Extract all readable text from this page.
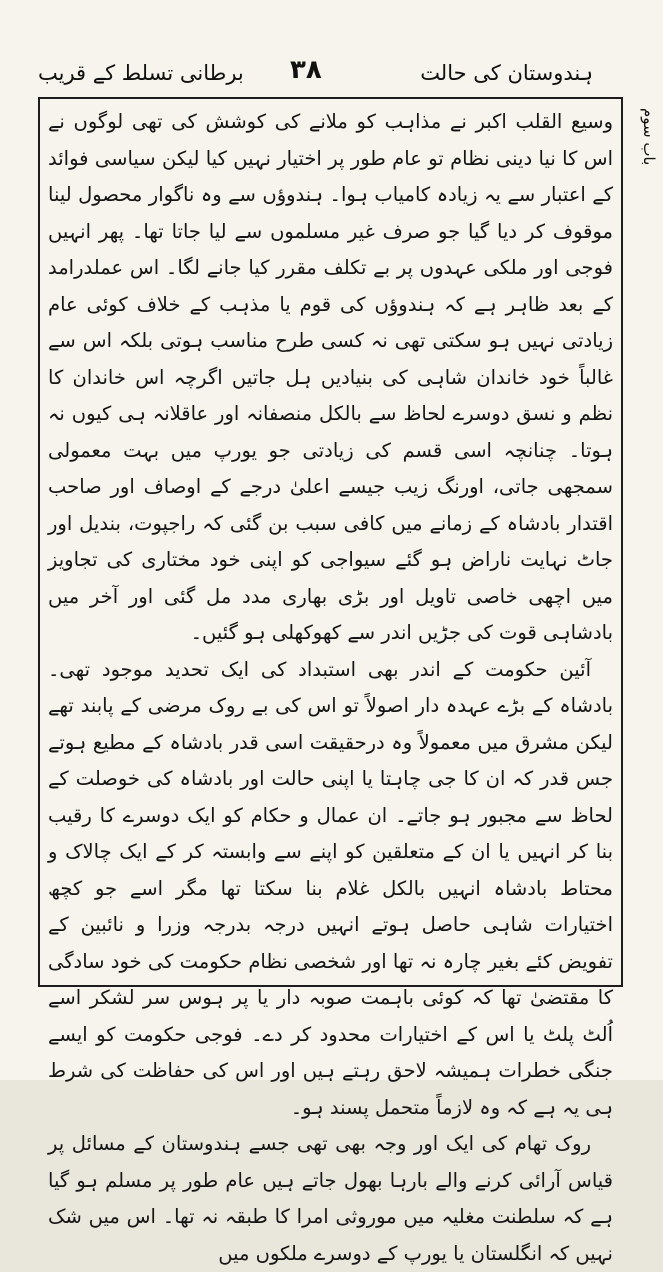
ہندوستان کی حالت
۳۸
برطانی تسلط کے قریب
باب سوم

وسیع القلب اکبر نے مذاہب کو ملانے کی کوشش کی تھی لوگوں نے اس کا نیا دینی نظام تو عام طور پر اختیار نہیں کیا لیکن سیاسی فوائد کے اعتبار سے یہ زیادہ کامیاب ہوا۔ ہندوؤں سے وہ ناگوار محصول لینا موقوف کر دیا گیا جو صرف غیر مسلموں سے لیا جاتا تھا۔ پھر انہیں فوجی اور ملکی عہدوں پر بے تکلف مقرر کیا جانے لگا۔ اس عملدرامد کے بعد ظاہر ہے کہ ہندوؤں کی قوم یا مذہب کے خلاف کوئی عام زیادتی نہیں ہو سکتی تھی نہ کسی طرح مناسب ہوتی بلکہ اس سے غالباً خود خاندان شاہی کی بنیادیں ہل جاتیں اگرچہ اس خاندان کا نظم و نسق دوسرے لحاظ سے بالکل منصفانہ اور عاقلانہ ہی کیوں نہ ہوتا۔ چنانچہ اسی قسم کی زیادتی جو یورپ میں بہت معمولی سمجھی جاتی، اورنگ زیب جیسے اعلیٰ درجے کے اوصاف اور صاحب اقتدار بادشاہ کے زمانے میں کافی سبب بن گئی کہ راجپوت، بندیل اور جاٹ نہایت ناراض ہو گئے سیواجی کو اپنی خود مختاری کی تجاویز میں اچھی خاصی تاویل اور بڑی بھاری مدد مل گئی اور آخر میں بادشاہی قوت کی جڑیں اندر سے کھوکھلی ہو گئیں۔

آئین حکومت کے اندر بھی استبداد کی ایک تحدید موجود تھی۔ بادشاہ کے بڑے عہدہ دار اصولاً تو اس کی بے روک مرضی کے پابند تھے لیکن مشرق میں معمولاً وہ درحقیقت اسی قدر بادشاہ کے مطیع ہوتے جس قدر کہ ان کا جی چاہتا یا اپنی حالت اور بادشاہ کی خوصلت کے لحاظ سے مجبور ہو جاتے۔ ان عمال و حکام کو ایک دوسرے کا رقیب بنا کر انہیں یا ان کے متعلقین کو اپنے سے وابستہ کر کے ایک چالاک و محتاط بادشاہ انہیں بالکل غلام بنا سکتا تھا مگر اسے جو کچھ اختیارات شاہی حاصل ہوتے انہیں درجہ بدرجہ وزرا و نائبین کے تفویض کئے بغیر چارہ نہ تھا اور شخصی نظام حکومت کی خود سادگی کا مقتضیٰ تھا کہ کوئی باہمت صوبہ دار یا پر ہوس سر لشکر اسے اُلٹ پلٹ یا اس کے اختیارات محدود کر دے۔ فوجی حکومت کو ایسے جنگی خطرات ہمیشہ لاحق رہتے ہیں اور اس کی حفاظت کی شرط ہی یہ ہے کہ وہ لازماً متحمل پسند ہو۔

روک تھام کی ایک اور وجہ بھی تھی جسے ہندوستان کے مسائل پر قیاس آرائی کرنے والے بارہا بھول جاتے ہیں عام طور پر مسلم ہو گیا ہے کہ سلطنت مغلیہ میں موروثی امرا کا طبقہ نہ تھا۔ اس میں شک نہیں کہ انگلستان یا یورپ کے دوسرے ملکوں میں
